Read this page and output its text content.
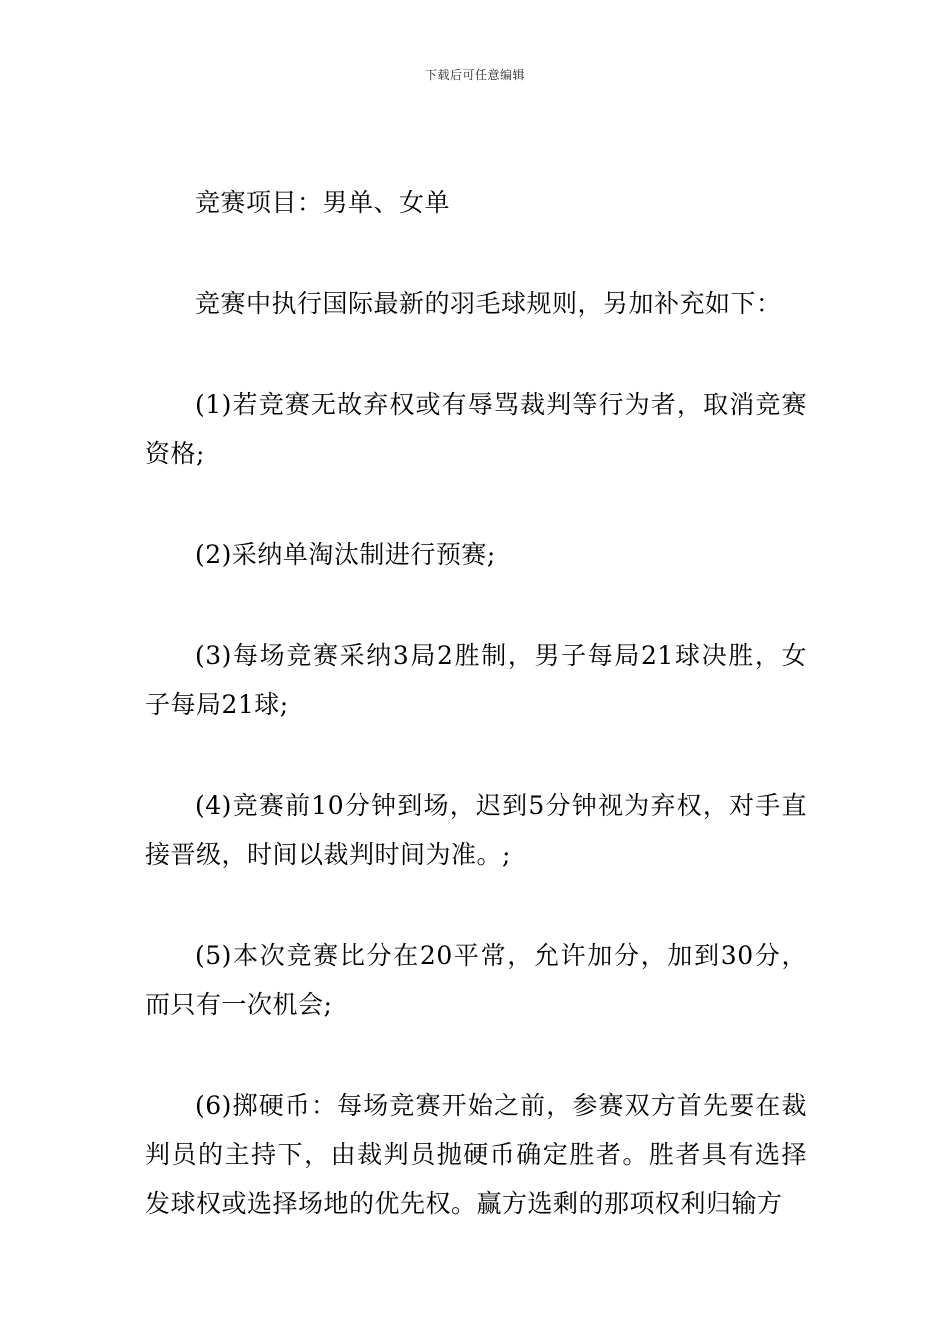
下载后可任意编辑

竞赛项目：男单、女单

竞赛中执行国际最新的羽毛球规则，另加补充如下：

(1)若竞赛无故弃权或有辱骂裁判等行为者，取消竞赛资格;

(2)采纳单淘汰制进行预赛;

(3)每场竞赛采纳3局2胜制，男子每局21球决胜，女子每局21球;

(4)竞赛前10分钟到场，迟到5分钟视为弃权，对手直接晋级，时间以裁判时间为准。;

(5)本次竞赛比分在20平常，允许加分，加到30分，而只有一次机会;

(6)掷硬币：每场竞赛开始之前，参赛双方首先要在裁判员的主持下，由裁判员抛硬币确定胜者。胜者具有选择发球权或选择场地的优先权。赢方选剩的那项权利归输方
